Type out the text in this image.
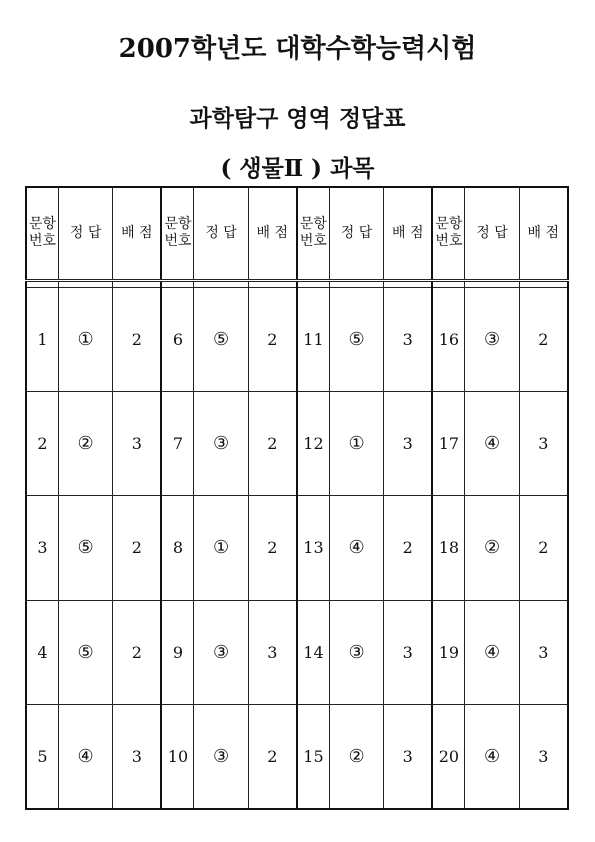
2007학년도 대학수학능력시험
과학탐구 영역 정답표
( 생물Ⅱ ) 과목
문항
번호	정 답	배 점	문항
번호	정 답	배 점	문항
번호	정 답	배 점	문항
번호	정 답	배 점

1	①	2	6	⑤	2	11	⑤	3	16	③	2
2	②	3	7	③	2	12	①	3	17	④	3
3	⑤	2	8	①	2	13	④	2	18	②	2
4	⑤	2	9	③	3	14	③	3	19	④	3
5	④	3	10	③	2	15	②	3	20	④	3
